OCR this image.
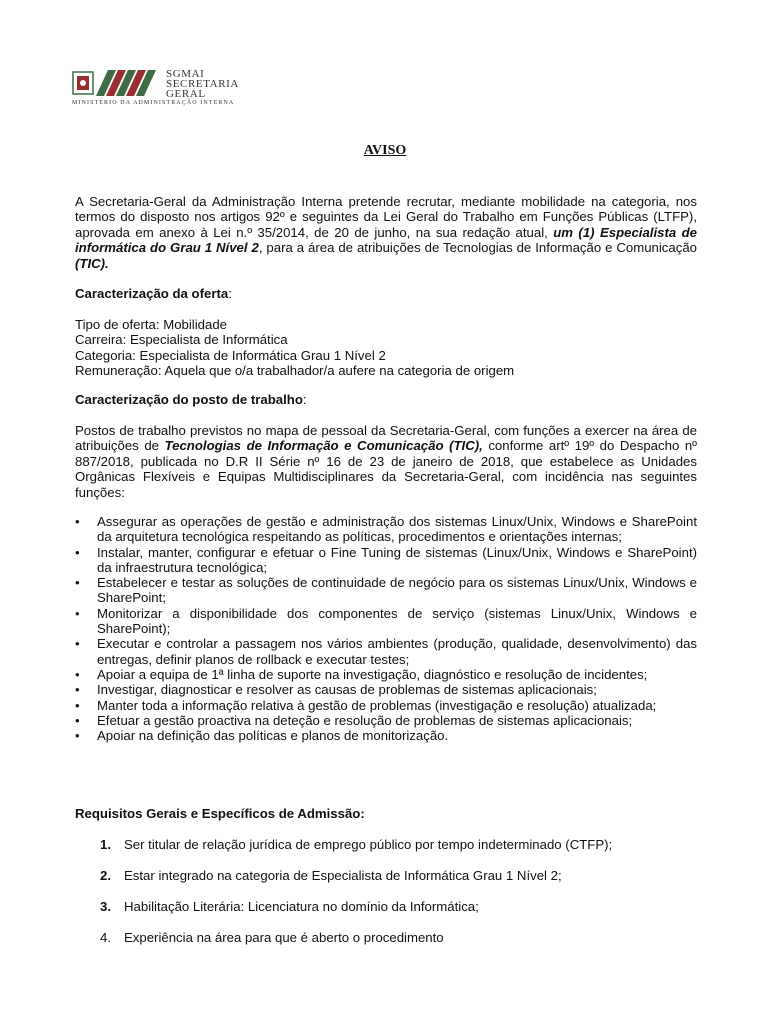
SGMAI
SECRETARIA
GERAL
MINISTÉRIO DA ADMINISTRAÇÃO INTERNA
AVISO
A Secretaria-Geral da Administração Interna pretende recrutar, mediante mobilidade na categoria, nos termos do disposto nos artigos 92º e seguintes da Lei Geral do Trabalho em Funções Públicas (LTFP), aprovada em anexo à Lei n.º 35/2014, de 20 de junho, na sua redação atual, um (1) Especialista de informática do Grau 1 Nível 2, para a área de atribuições de Tecnologias de Informação e Comunicação (TIC).
Caracterização da oferta:
Tipo de oferta: Mobilidade
Carreira: Especialista de Informática
Categoria: Especialista de Informática Grau 1 Nível 2
Remuneração: Aquela que o/a trabalhador/a aufere na categoria de origem
Caracterização do posto de trabalho:
Postos de trabalho previstos no mapa de pessoal da Secretaria-Geral, com funções a exercer na área de atribuições de Tecnologias de Informação e Comunicação (TIC), conforme artº 19º do Despacho nº 887/2018, publicada no D.R II Série nº 16 de 23 de janeiro de 2018, que estabelece as Unidades Orgânicas Flexíveis e Equipas Multidisciplinares da Secretaria-Geral, com incidência nas seguintes funções:
• Assegurar as operações de gestão e administração dos sistemas Linux/Unix, Windows e SharePoint da arquitetura tecnológica respeitando as políticas, procedimentos e orientações internas;
• Instalar, manter, configurar e efetuar o Fine Tuning de sistemas (Linux/Unix, Windows e SharePoint) da infraestrutura tecnológica;
• Estabelecer e testar as soluções de continuidade de negócio para os sistemas Linux/Unix, Windows e SharePoint;
• Monitorizar a disponibilidade dos componentes de serviço (sistemas Linux/Unix, Windows e SharePoint);
• Executar e controlar a passagem nos vários ambientes (produção, qualidade, desenvolvimento) das entregas, definir planos de rollback e executar testes;
• Apoiar a equipa de 1ª linha de suporte na investigação, diagnóstico e resolução de incidentes;
• Investigar, diagnosticar e resolver as causas de problemas de sistemas aplicacionais;
• Manter toda a informação relativa à gestão de problemas (investigação e resolução) atualizada;
• Efetuar a gestão proactiva na deteção e resolução de problemas de sistemas aplicacionais;
• Apoiar na definição das políticas e planos de monitorização.
Requisitos Gerais e Específicos de Admissão:
1. Ser titular de relação jurídica de emprego público por tempo indeterminado (CTFP);
2. Estar integrado na categoria de Especialista de Informática Grau 1 Nível 2;
3. Habilitação Literária: Licenciatura no domínio da Informática;
4. Experiência na área para que é aberto o procedimento
